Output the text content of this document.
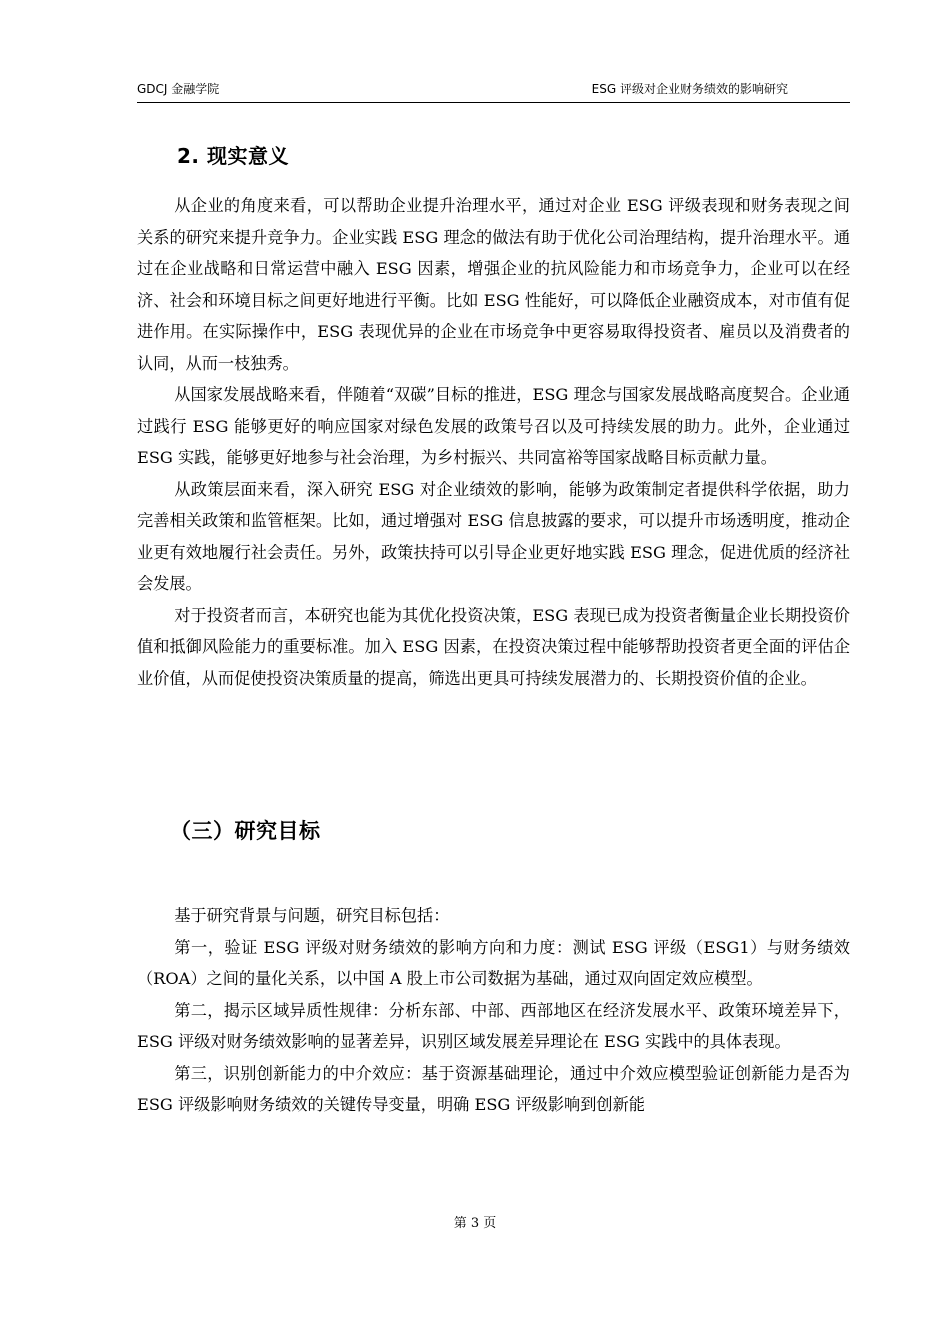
GDCJ 金融学院	ESG 评级对企业财务绩效的影响研究
2. 现实意义

从企业的角度来看，可以帮助企业提升治理水平，通过对企业 ESG 评级表现和财务表现之间关系的研究来提升竞争力。企业实践 ESG 理念的做法有助于优化公司治理结构，提升治理水平。通过在企业战略和日常运营中融入 ESG 因素，增强企业的抗风险能力和市场竞争力，企业可以在经济、社会和环境目标之间更好地进行平衡。比如 ESG 性能好，可以降低企业融资成本，对市值有促进作用。在实际操作中，ESG 表现优异的企业在市场竞争中更容易取得投资者、雇员以及消费者的认同，从而一枝独秀。

从国家发展战略来看，伴随着“双碳”目标的推进，ESG 理念与国家发展战略高度契合。企业通过践行 ESG 能够更好的响应国家对绿色发展的政策号召以及可持续发展的助力。此外，企业通过 ESG 实践，能够更好地参与社会治理，为乡村振兴、共同富裕等国家战略目标贡献力量。

从政策层面来看，深入研究 ESG 对企业绩效的影响，能够为政策制定者提供科学依据，助力完善相关政策和监管框架。比如，通过增强对 ESG 信息披露的要求，可以提升市场透明度，推动企业更有效地履行社会责任。另外，政策扶持可以引导企业更好地实践 ESG 理念，促进优质的经济社会发展。

对于投资者而言，本研究也能为其优化投资决策，ESG 表现已成为投资者衡量企业长期投资价值和抵御风险能力的重要标准。加入 ESG 因素，在投资决策过程中能够帮助投资者更全面的评估企业价值，从而促使投资决策质量的提高，筛选出更具可持续发展潜力的、长期投资价值的企业。

（三）研究目标

基于研究背景与问题，研究目标包括：

第一，验证 ESG 评级对财务绩效的影响方向和力度：测试 ESG 评级（ESG1）与财务绩效（ROA）之间的量化关系，以中国 A 股上市公司数据为基础，通过双向固定效应模型。

第二，揭示区域异质性规律：分析东部、中部、西部地区在经济发展水平、政策环境差异下，ESG 评级对财务绩效影响的显著差异，识别区域发展差异理论在 ESG 实践中的具体表现。

第三，识别创新能力的中介效应：基于资源基础理论，通过中介效应模型验证创新能力是否为 ESG 评级影响财务绩效的关键传导变量，明确 ESG 评级影响到创新能

第 3 页
